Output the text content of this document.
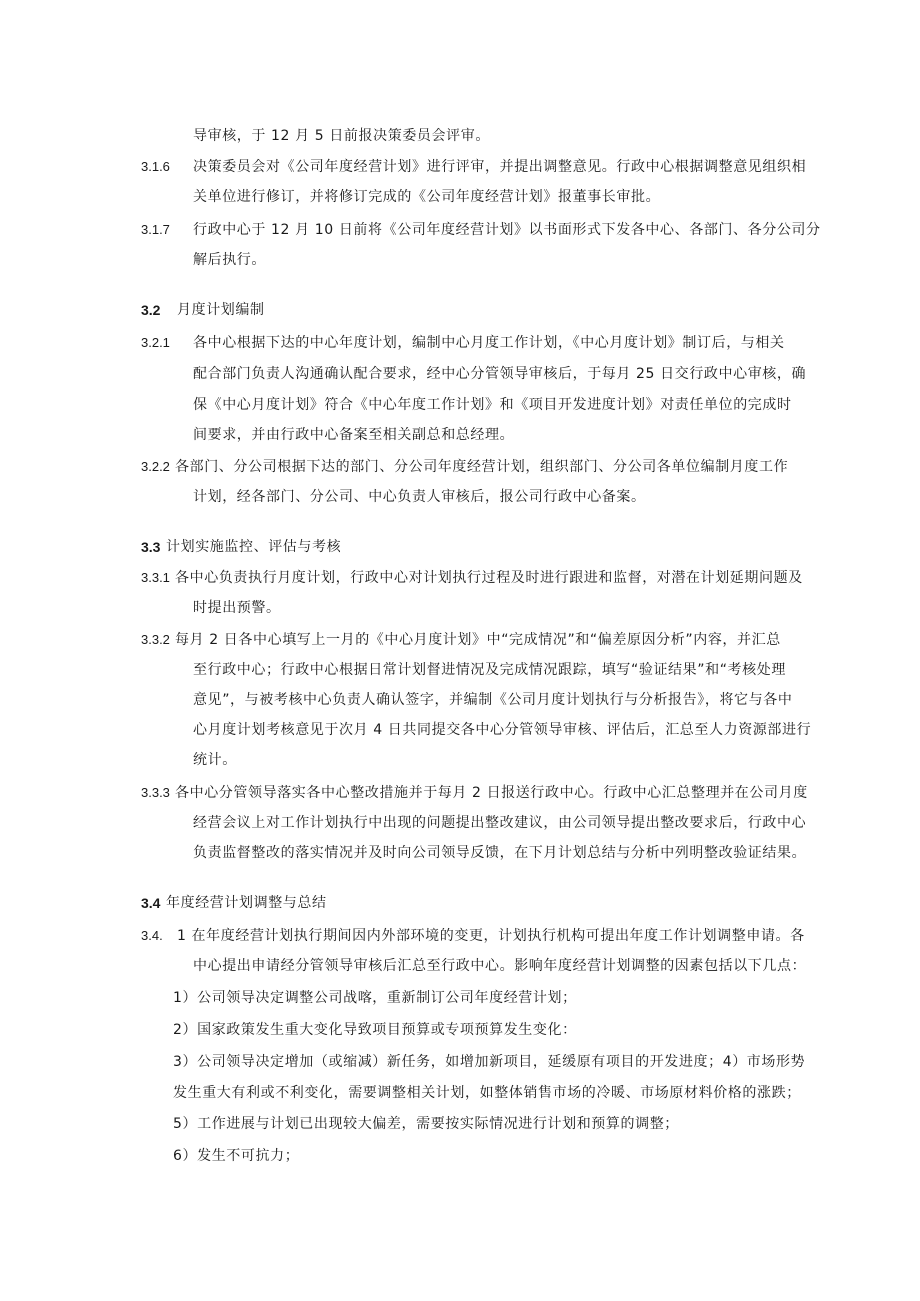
导审核，于 12 月 5 日前报决策委员会评审。
3.1.6 决策委员会对《公司年度经营计划》进行评审，并提出调整意见。行政中心根据调整意见组织相
关单位进行修订，并将修订完成的《公司年度经营计划》报董事长审批。
3.1.7 行政中心于 12 月 10 日前将《公司年度经营计划》以书面形式下发各中心、各部门、各分公司分
解后执行。
3.2 月度计划编制
3.2.1 各中心根据下达的中心年度计划，编制中心月度工作计划，《中心月度计划》制订后，与相关
配合部门负责人沟通确认配合要求，经中心分管领导审核后，于每月 25 日交行政中心审核，确
保《中心月度计划》符合《中心年度工作计划》和《项目开发进度计划》对责任单位的完成时
间要求，并由行政中心备案至相关副总和总经理。
3.2.2 各部门、分公司根据下达的部门、分公司年度经营计划，组织部门、分公司各单位编制月度工作
计划，经各部门、分公司、中心负责人审核后，报公司行政中心备案。
3.3 计划实施监控、评估与考核
3.3.1 各中心负责执行月度计划，行政中心对计划执行过程及时进行跟进和监督，对潜在计划延期问题及
时提出预警。
3.3.2 每月 2 日各中心填写上一月的《中心月度计划》中“完成情况”和“偏差原因分析”内容，并汇总
至行政中心；行政中心根据日常计划督进情况及完成情况跟踪，填写“验证结果”和“考核处理
意见”，与被考核中心负责人确认签字，并编制《公司月度计划执行与分析报告》，将它与各中
心月度计划考核意见于次月 4 日共同提交各中心分管领导审核、评估后，汇总至人力资源部进行
统计。
3.3.3 各中心分管领导落实各中心整改措施并于每月 2 日报送行政中心。行政中心汇总整理并在公司月度
经营会议上对工作计划执行中出现的问题提出整改建议，由公司领导提出整改要求后，行政中心
负责监督整改的落实情况并及时向公司领导反馈，在下月计划总结与分析中列明整改验证结果。
3.4 年度经营计划调整与总结
3.4. 1 在年度经营计划执行期间因内外部环境的变更，计划执行机构可提出年度工作计划调整申请。各
中心提出申请经分管领导审核后汇总至行政中心。影响年度经营计划调整的因素包括以下几点：
1）公司领导决定调整公司战喀，重新制订公司年度经营计划；
2）国家政策发生重大变化导致项目预算或专项预算发生变化：
3）公司领导决定增加（或缩减）新任务，如增加新项目，延缓原有项目的开发进度；4）市场形势
发生重大有利或不利变化，需要调整相关计划，如整体销售市场的冷暖、市场原材料价格的涨跌；
5）工作进展与计划已出现较大偏差，需要按实际情况进行计划和预算的调整；
6）发生不可抗力；
